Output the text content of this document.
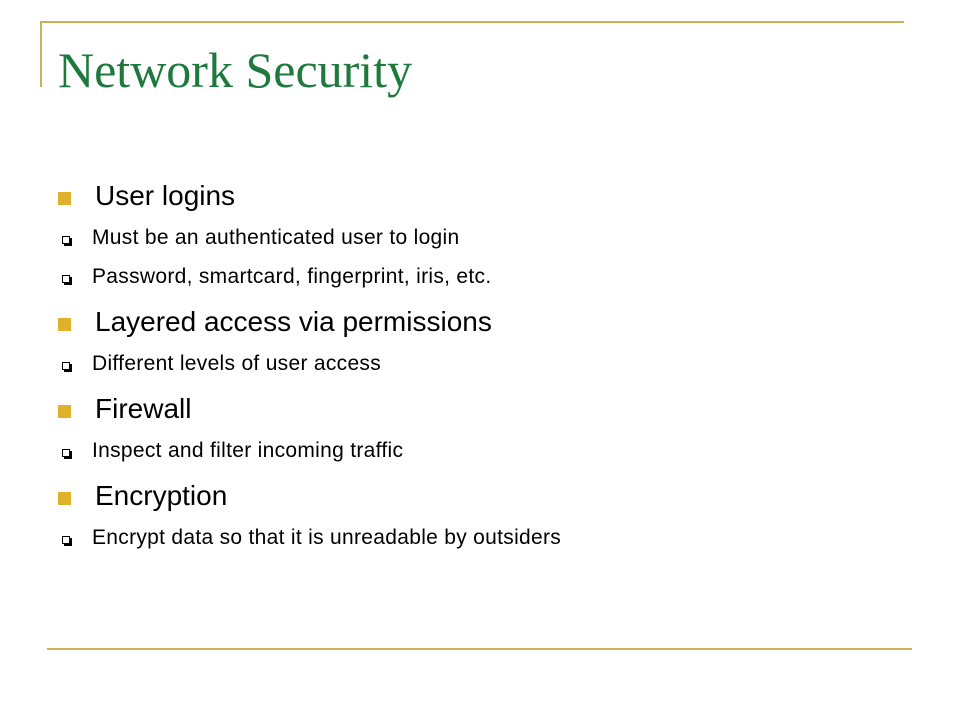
Network Security
User logins
Must be an authenticated user to login
Password, smartcard, fingerprint, iris, etc.
Layered access via permissions
Different levels of user access
Firewall
Inspect and filter incoming traffic
Encryption
Encrypt data so that it is unreadable by outsiders
